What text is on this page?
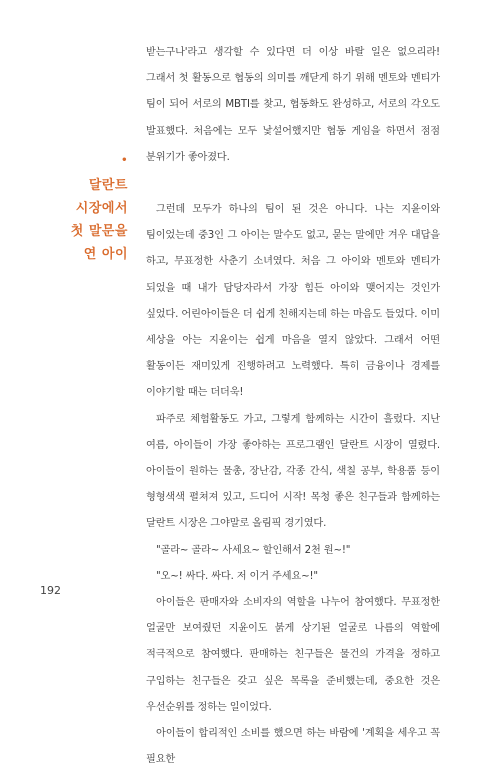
•
달란트
시장에서
첫 말문을
연 아이

받는구나'라고 생각할 수 있다면 더 이상 바랄 일은 없으리라! 그래서 첫 활동으로 협동의 의미를 깨닫게 하기 위해 멘토와 멘티가 팀이 되어 서로의 MBTI를 찾고, 협동화도 완성하고, 서로의 각오도 발표했다. 처음에는 모두 낯설어했지만 협동 게임을 하면서 점점 분위기가 좋아졌다.

그런데 모두가 하나의 팀이 된 것은 아니다. 나는 지윤이와 팀이었는데 중3인 그 아이는 말수도 없고, 묻는 말에만 겨우 대답을 하고, 무표정한 사춘기 소녀였다. 처음 그 아이와 멘토와 멘티가 되었을 때 내가 담당자라서 가장 힘든 아이와 맺어지는 것인가 싶었다. 어린아이들은 더 쉽게 친해지는데 하는 마음도 들었다. 이미 세상을 아는 지윤이는 쉽게 마음을 열지 않았다. 그래서 어떤 활동이든 재미있게 진행하려고 노력했다. 특히 금융이나 경제를 이야기할 때는 더더욱!

파주로 체험활동도 가고, 그렇게 함께하는 시간이 흘렀다. 지난 여름, 아이들이 가장 좋아하는 프로그램인 달란트 시장이 열렸다. 아이들이 원하는 물총, 장난감, 각종 간식, 색칠 공부, 학용품 등이 형형색색 펼쳐져 있고, 드디어 시작! 목청 좋은 친구들과 함께하는 달란트 시장은 그야말로 올림픽 경기였다.

"골라~ 골라~ 사세요~ 할인해서 2천 원~!"

"오~! 싸다. 싸다. 저 이거 주세요~!"

아이들은 판매자와 소비자의 역할을 나누어 참여했다. 무표정한 얼굴만 보여줬던 지윤이도 붉게 상기된 얼굴로 나름의 역할에 적극적으로 참여했다. 판매하는 친구들은 물건의 가격을 정하고 구입하는 친구들은 갖고 싶은 목록을 준비했는데, 중요한 것은 우선순위를 정하는 일이었다.

아이들이 합리적인 소비를 했으면 하는 바람에 '계획을 세우고 꼭 필요한

192
